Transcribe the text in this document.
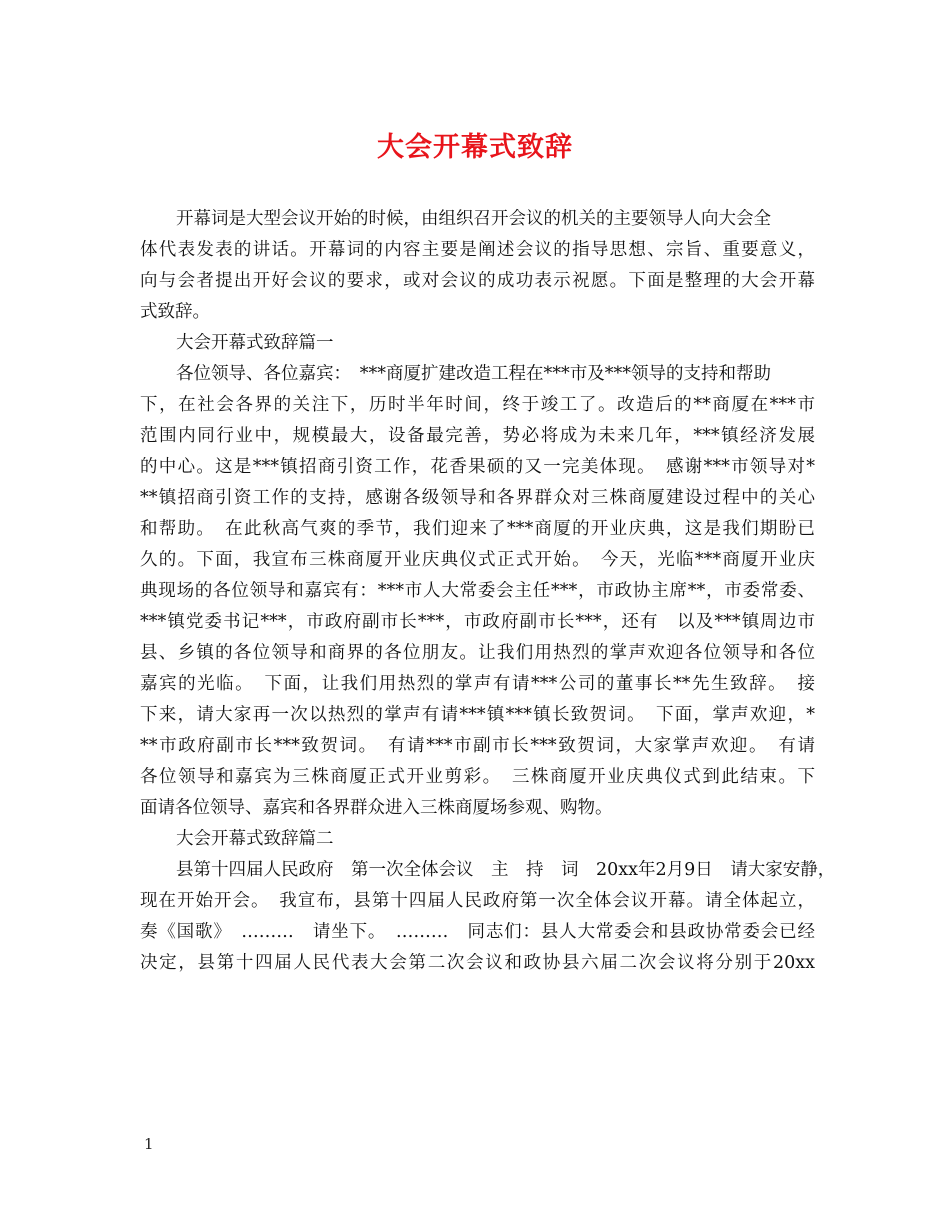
大会开幕式致辞
开幕词是大型会议开始的时候，由组织召开会议的机关的主要领导人向大会全
体代表发表的讲话。开幕词的内容主要是阐述会议的指导思想、宗旨、重要意义，
向与会者提出开好会议的要求，或对会议的成功表示祝愿。下面是整理的大会开幕
式致辞。
大会开幕式致辞篇一
各位领导、各位嘉宾：　***商厦扩建改造工程在***市及***领导的支持和帮助
下，在社会各界的关注下，历时半年时间，终于竣工了。改造后的**商厦在***市
范围内同行业中，规模最大，设备最完善，势必将成为未来几年，***镇经济发展
的中心。这是***镇招商引资工作，花香果硕的又一完美体现。　感谢***市领导对*
**镇招商引资工作的支持，感谢各级领导和各界群众对三株商厦建设过程中的关心
和帮助。　在此秋高气爽的季节，我们迎来了***商厦的开业庆典，这是我们期盼已
久的。下面，我宣布三株商厦开业庆典仪式正式开始。　今天，光临***商厦开业庆
典现场的各位领导和嘉宾有：***市人大常委会主任***，市政协主席**，市委常委、
***镇党委书记***，市政府副市长***，市政府副市长***，还有　以及***镇周边市
县、乡镇的各位领导和商界的各位朋友。让我们用热烈的掌声欢迎各位领导和各位
嘉宾的光临。　下面，让我们用热烈的掌声有请***公司的董事长**先生致辞。　接
下来，请大家再一次以热烈的掌声有请***镇***镇长致贺词。　下面，掌声欢迎，*
**市政府副市长***致贺词。　有请***市副市长***致贺词，大家掌声欢迎。　有请
各位领导和嘉宾为三株商厦正式开业剪彩。　三株商厦开业庆典仪式到此结束。下
面请各位领导、嘉宾和各界群众进入三株商厦场参观、购物。
大会开幕式致辞篇二
县第十四届人民政府　第一次全体会议　主　持　词　20xx年2月9日　请大家安静，
现在开始开会。　我宣布，县第十四届人民政府第一次全体会议开幕。请全体起立，
奏《国歌》　………　请坐下。　………　同志们：县人大常委会和县政协常委会已经
决定，县第十四届人民代表大会第二次会议和政协县六届二次会议将分别于20xx
1
